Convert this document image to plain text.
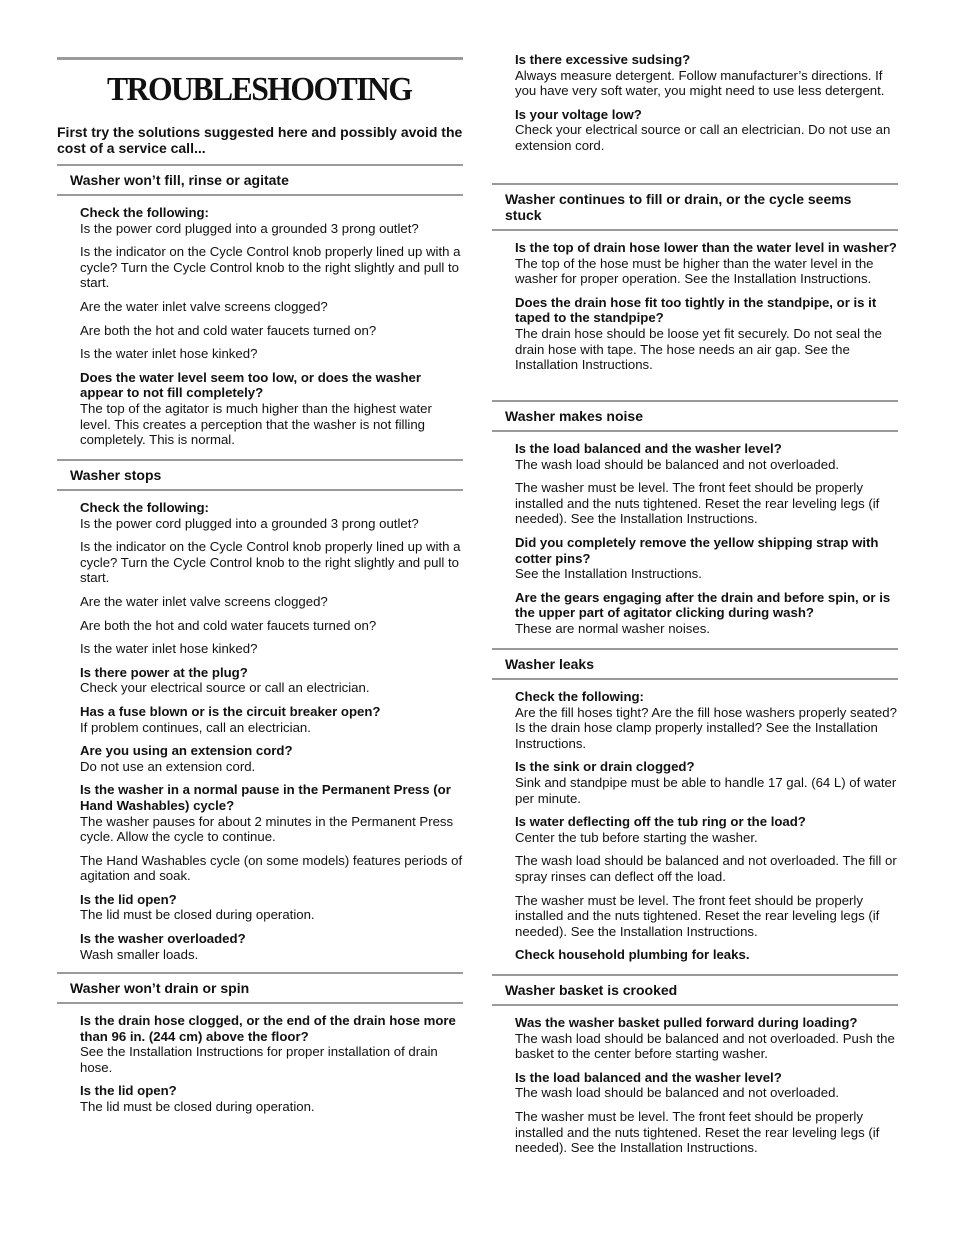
TROUBLESHOOTING
First try the solutions suggested here and possibly avoid the cost of a service call...
Washer won’t fill, rinse or agitate
Check the following:
Is the power cord plugged into a grounded 3 prong outlet?
Is the indicator on the Cycle Control knob properly lined up with a cycle? Turn the Cycle Control knob to the right slightly and pull to start.
Are the water inlet valve screens clogged?
Are both the hot and cold water faucets turned on?
Is the water inlet hose kinked?
Does the water level seem too low, or does the washer appear to not fill completely?
The top of the agitator is much higher than the highest water level. This creates a perception that the washer is not filling completely. This is normal.
Washer stops
Check the following:
Is the power cord plugged into a grounded 3 prong outlet?
Is the indicator on the Cycle Control knob properly lined up with a cycle? Turn the Cycle Control knob to the right slightly and pull to start.
Are the water inlet valve screens clogged?
Are both the hot and cold water faucets turned on?
Is the water inlet hose kinked?
Is there power at the plug?
Check your electrical source or call an electrician.
Has a fuse blown or is the circuit breaker open?
If problem continues, call an electrician.
Are you using an extension cord?
Do not use an extension cord.
Is the washer in a normal pause in the Permanent Press (or Hand Washables) cycle?
The washer pauses for about 2 minutes in the Permanent Press cycle. Allow the cycle to continue.
The Hand Washables cycle (on some models) features periods of agitation and soak.
Is the lid open?
The lid must be closed during operation.
Is the washer overloaded?
Wash smaller loads.
Washer won’t drain or spin
Is the drain hose clogged, or the end of the drain hose more than 96 in. (244 cm) above the floor?
See the Installation Instructions for proper installation of drain hose.
Is the lid open?
The lid must be closed during operation.
Is there excessive sudsing?
Always measure detergent. Follow manufacturer’s directions. If you have very soft water, you might need to use less detergent.
Is your voltage low?
Check your electrical source or call an electrician. Do not use an extension cord.
Washer continues to fill or drain, or the cycle seems stuck
Is the top of drain hose lower than the water level in washer?
The top of the hose must be higher than the water level in the washer for proper operation. See the Installation Instructions.
Does the drain hose fit too tightly in the standpipe, or is it taped to the standpipe?
The drain hose should be loose yet fit securely. Do not seal the drain hose with tape. The hose needs an air gap. See the Installation Instructions.
Washer makes noise
Is the load balanced and the washer level?
The wash load should be balanced and not overloaded.
The washer must be level. The front feet should be properly installed and the nuts tightened. Reset the rear leveling legs (if needed). See the Installation Instructions.
Did you completely remove the yellow shipping strap with cotter pins?
See the Installation Instructions.
Are the gears engaging after the drain and before spin, or is the upper part of agitator clicking during wash?
These are normal washer noises.
Washer leaks
Check the following:
Are the fill hoses tight? Are the fill hose washers properly seated? Is the drain hose clamp properly installed? See the Installation Instructions.
Is the sink or drain clogged?
Sink and standpipe must be able to handle 17 gal. (64 L) of water per minute.
Is water deflecting off the tub ring or the load?
Center the tub before starting the washer.
The wash load should be balanced and not overloaded. The fill or spray rinses can deflect off the load.
The washer must be level. The front feet should be properly installed and the nuts tightened. Reset the rear leveling legs (if needed). See the Installation Instructions.
Check household plumbing for leaks.
Washer basket is crooked
Was the washer basket pulled forward during loading?
The wash load should be balanced and not overloaded. Push the basket to the center before starting washer.
Is the load balanced and the washer level?
The wash load should be balanced and not overloaded.
The washer must be level. The front feet should be properly installed and the nuts tightened. Reset the rear leveling legs (if needed). See the Installation Instructions.
